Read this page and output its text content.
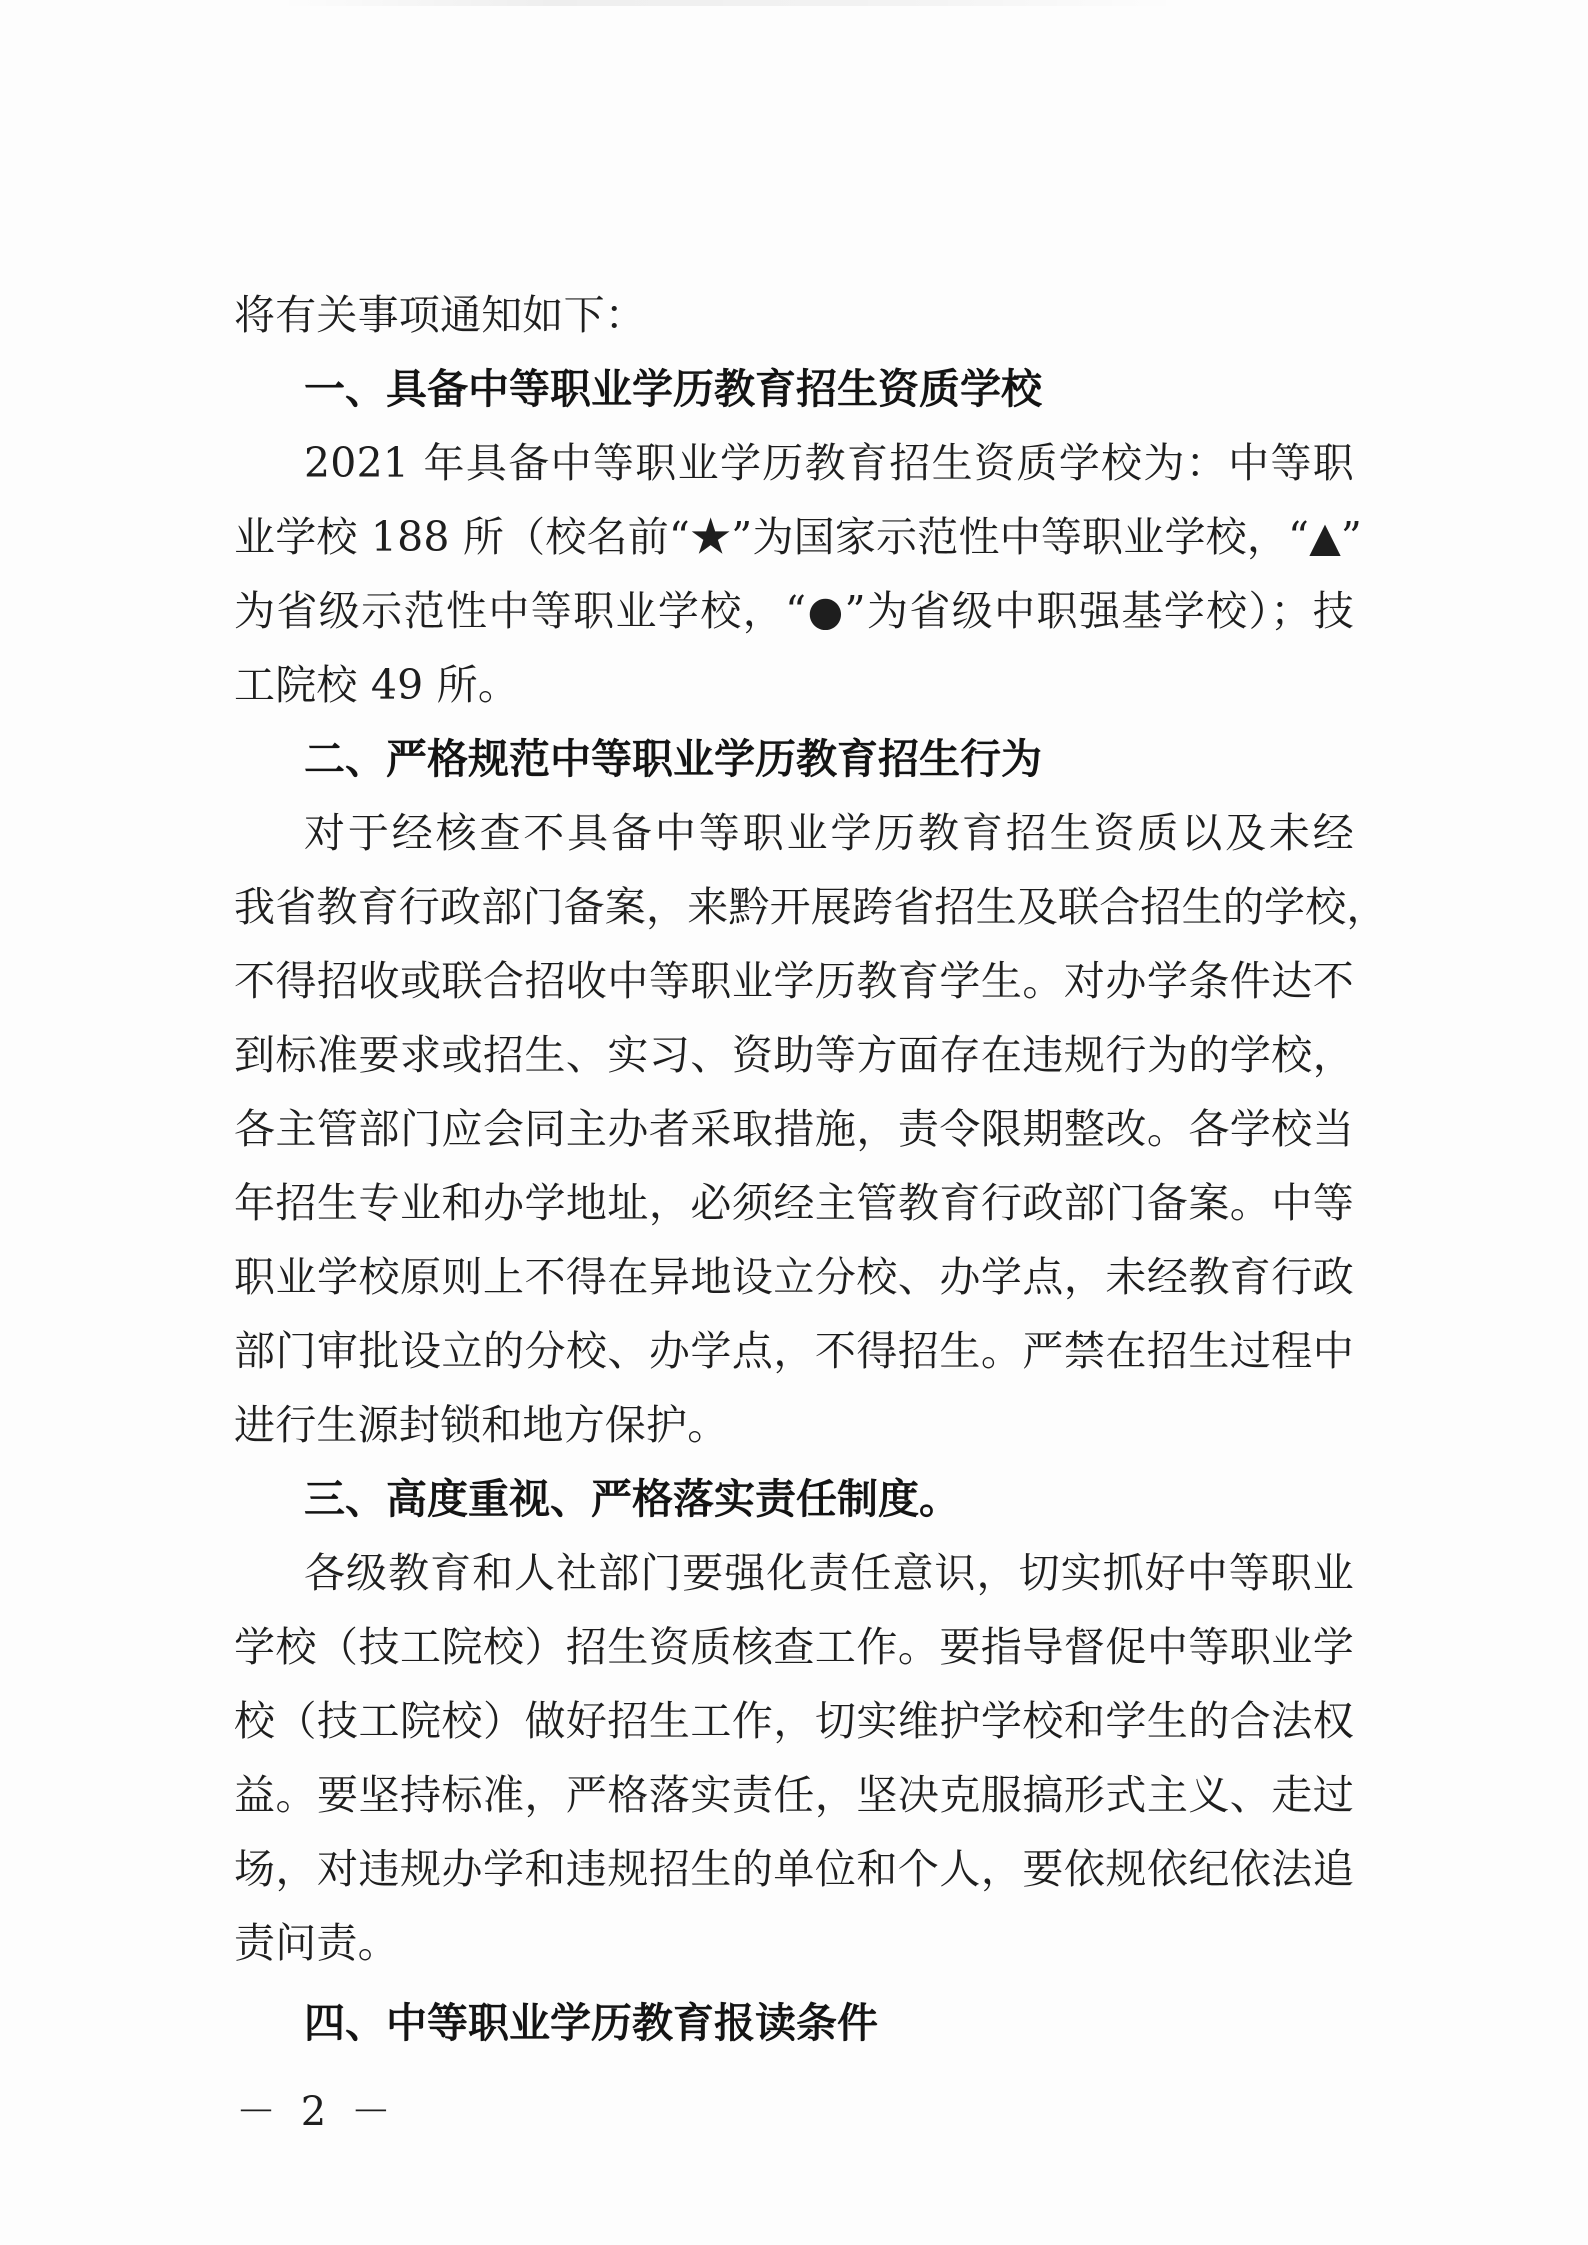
将有关事项通知如下：
一、具备中等职业学历教育招生资质学校
2021 年具备中等职业学历教育招生资质学校为：中等职
业学校 188 所（校名前“★”为国家示范性中等职业学校，“▲”
为省级示范性中等职业学校，“●”为省级中职强基学校）；技
工院校 49 所。
二、严格规范中等职业学历教育招生行为
对于经核查不具备中等职业学历教育招生资质以及未经
我省教育行政部门备案，来黔开展跨省招生及联合招生的学校，
不得招收或联合招收中等职业学历教育学生。对办学条件达不
到标准要求或招生、实习、资助等方面存在违规行为的学校，
各主管部门应会同主办者采取措施，责令限期整改。各学校当
年招生专业和办学地址，必须经主管教育行政部门备案。中等
职业学校原则上不得在异地设立分校、办学点，未经教育行政
部门审批设立的分校、办学点，不得招生。严禁在招生过程中
进行生源封锁和地方保护。
三、高度重视、严格落实责任制度。
各级教育和人社部门要强化责任意识，切实抓好中等职业
学校（技工院校）招生资质核查工作。要指导督促中等职业学
校（技工院校）做好招生工作，切实维护学校和学生的合法权
益。要坚持标准，严格落实责任，坚决克服搞形式主义、走过
场，对违规办学和违规招生的单位和个人，要依规依纪依法追
责问责。
四、中等职业学历教育报读条件
－ 2 －
